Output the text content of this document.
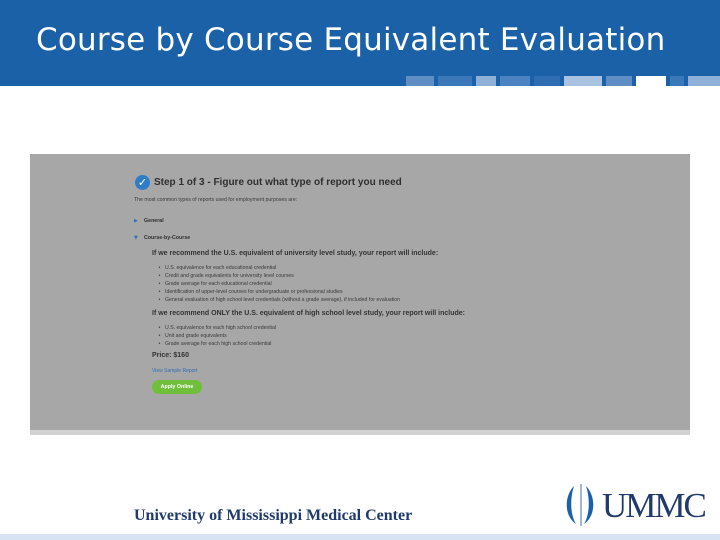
Course by Course Equivalent Evaluation
✓ Step 1 of 3 - Figure out what type of report you need
The most common types of reports used for employment purposes are:
▶ General
▼ Course-by-Course
If we recommend the U.S. equivalent of university level study, your report will include:
• U.S. equivalence for each educational credential
• Credit and grade equivalents for university level courses
• Grade average for each educational credential
• Identification of upper-level courses for undergraduate or professional studies
• General evaluation of high school level credentials (without a grade average), if included for evaluation
If we recommend ONLY the U.S. equivalent of high school level study, your report will include:
• U.S. equivalence for each high school credential
• Unit and grade equivalents
• Grade average for each high school credential
Price: $160
View Sample Report
Apply Online
University of Mississippi Medical Center	UMMC
